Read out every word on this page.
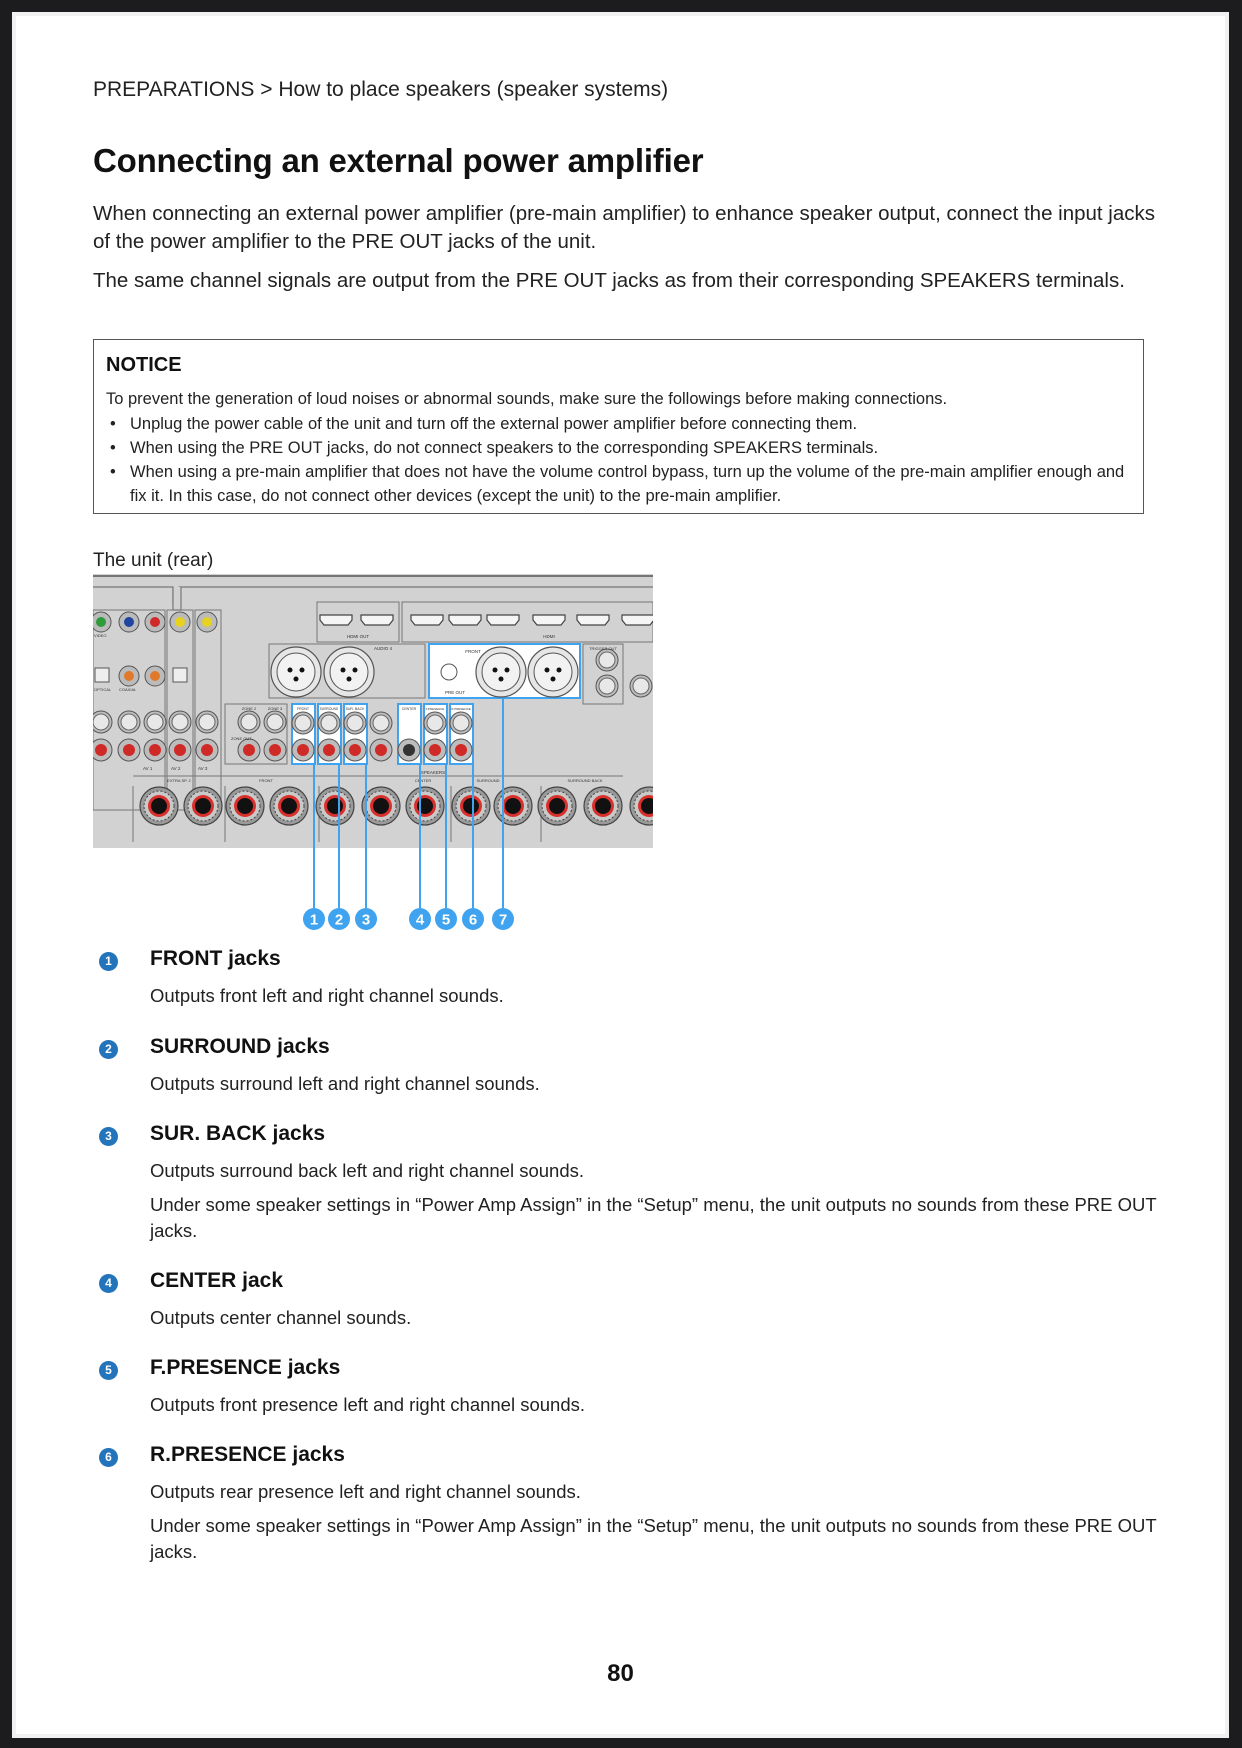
PREPARATIONS > How to place speakers (speaker systems)
Connecting an external power amplifier

When connecting an external power amplifier (pre-main amplifier) to enhance speaker output, connect the input jacks of the power amplifier to the PRE OUT jacks of the unit.

The same channel signals are output from the PRE OUT jacks as from their corresponding SPEAKERS terminals.

NOTICE

To prevent the generation of loud noises or abnormal sounds, make sure the followings before making connections.

• Unplug the power cable of the unit and turn off the external power amplifier before connecting them.
• When using the PRE OUT jacks, do not connect speakers to the corresponding SPEAKERS terminals.
• When using a pre-main amplifier that does not have the volume control bypass, turn up the volume of the pre-main amplifier enough and fix it. In this case, do not connect other devices (except the unit) to the pre-main amplifier.
The unit (rear)
VIDEO
OPTICAL COAXIAL
AV 1	AV 2	AV 3
HDMI OUT	HDMI
AUDIO 4
FRONT
PRE OUT
TRIGGER OUT
ZONE 2	ZONE 3
ZONE OUT
FRONT	SURROUND SUR. BACK	CENTER	F.PRESENCE R.PRESENCE
SPEAKERS
EXTRA SP. 2	FRONT	CENTER	SURROUND	SURROUND BACK
1 2 3	4 5 6 7
1 FRONT jacks

Outputs front left and right channel sounds.

2 SURROUND jacks

Outputs surround left and right channel sounds.

3 SUR. BACK jacks

Outputs surround back left and right channel sounds.

Under some speaker settings in “Power Amp Assign” in the “Setup” menu, the unit outputs no sounds from these PRE OUT jacks.

4 CENTER jack

Outputs center channel sounds.

5 F.PRESENCE jacks

Outputs front presence left and right channel sounds.

6 R.PRESENCE jacks

Outputs rear presence left and right channel sounds.

Under some speaker settings in “Power Amp Assign” in the “Setup” menu, the unit outputs no sounds from these PRE OUT jacks.

80
